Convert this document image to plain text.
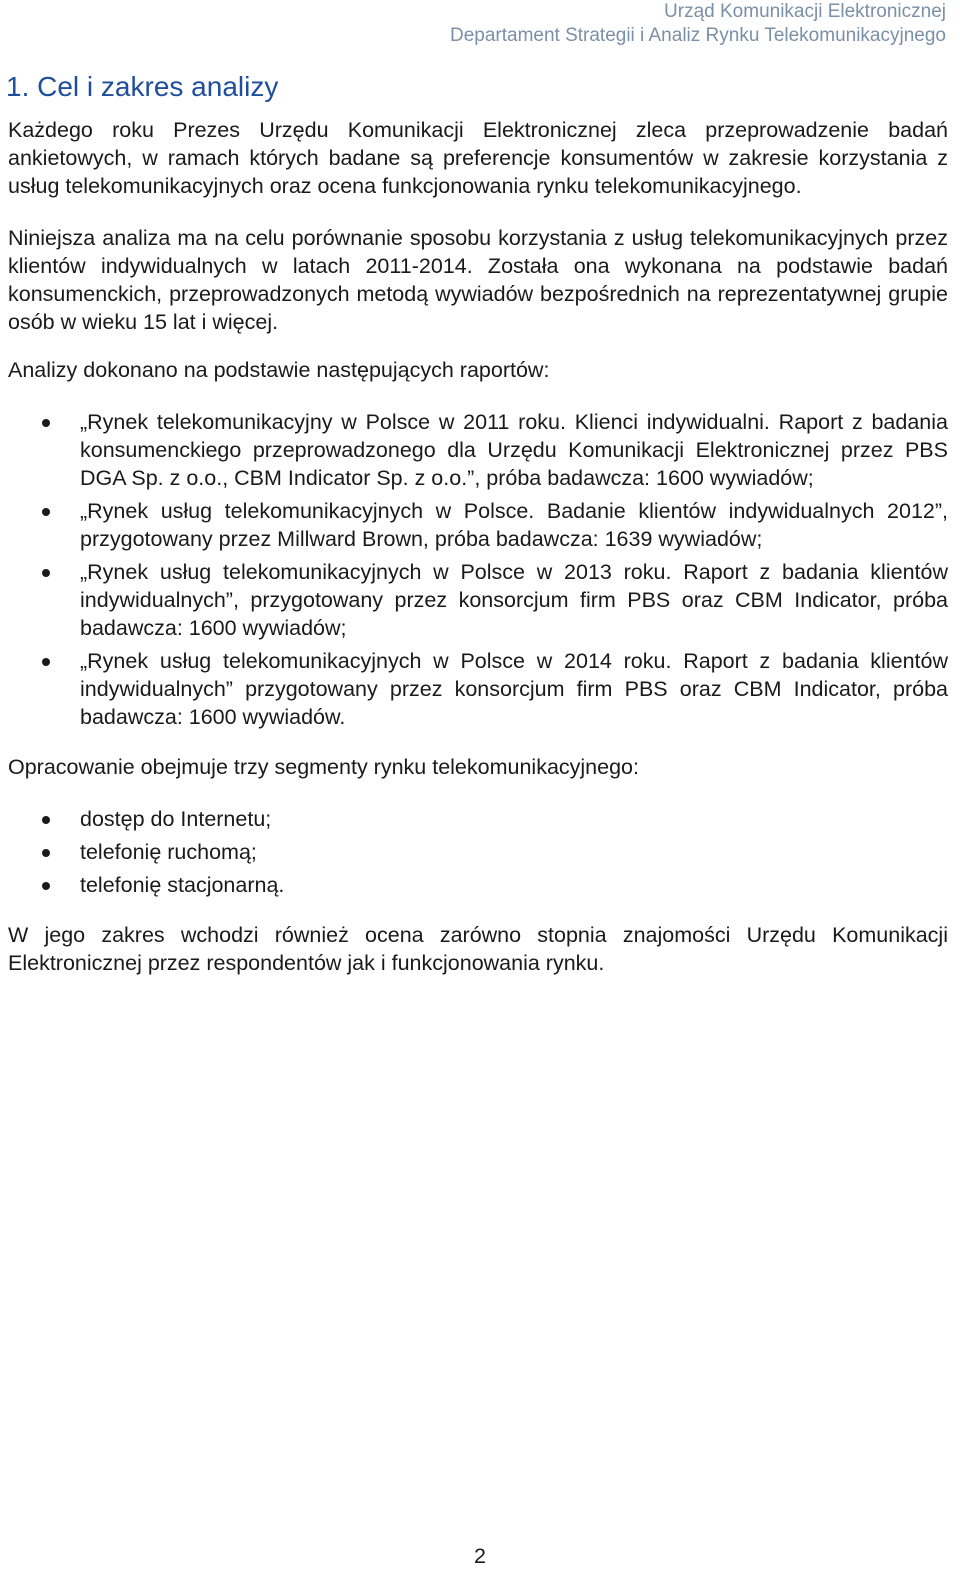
Urząd Komunikacji Elektronicznej
Departament Strategii i Analiz Rynku Telekomunikacyjnego
1. Cel i zakres analizy

Każdego roku Prezes Urzędu Komunikacji Elektronicznej zleca przeprowadzenie badań ankietowych, w ramach których badane są preferencje konsumentów w zakresie korzystania z usług telekomunikacyjnych oraz ocena funkcjonowania rynku telekomunikacyjnego.

Niniejsza analiza ma na celu porównanie sposobu korzystania z usług telekomunikacyjnych przez klientów indywidualnych w latach 2011-2014. Została ona wykonana na podstawie badań konsumenckich, przeprowadzonych metodą wywiadów bezpośrednich na reprezentatywnej grupie osób w wieku 15 lat i więcej.

Analizy dokonano na podstawie następujących raportów:

„Rynek telekomunikacyjny w Polsce w 2011 roku. Klienci indywidualni. Raport z badania konsumenckiego przeprowadzonego dla Urzędu Komunikacji Elektronicznej przez PBS DGA Sp. z o.o., CBM Indicator Sp. z o.o.”, próba badawcza: 1600 wywiadów;
„Rynek usług telekomunikacyjnych w Polsce. Badanie klientów indywidualnych 2012”, przygotowany przez Millward Brown, próba badawcza: 1639 wywiadów;
„Rynek usług telekomunikacyjnych w Polsce w 2013 roku. Raport z badania klientów indywidualnych”, przygotowany przez konsorcjum firm PBS oraz CBM Indicator, próba badawcza: 1600 wywiadów;
„Rynek usług telekomunikacyjnych w Polsce w 2014 roku. Raport z badania klientów indywidualnych” przygotowany przez konsorcjum firm PBS oraz CBM Indicator, próba badawcza: 1600 wywiadów.

Opracowanie obejmuje trzy segmenty rynku telekomunikacyjnego:

dostęp do Internetu;
telefonię ruchomą;
telefonię stacjonarną.

W jego zakres wchodzi również ocena zarówno stopnia znajomości Urzędu Komunikacji Elektronicznej przez respondentów jak i funkcjonowania rynku.

2
